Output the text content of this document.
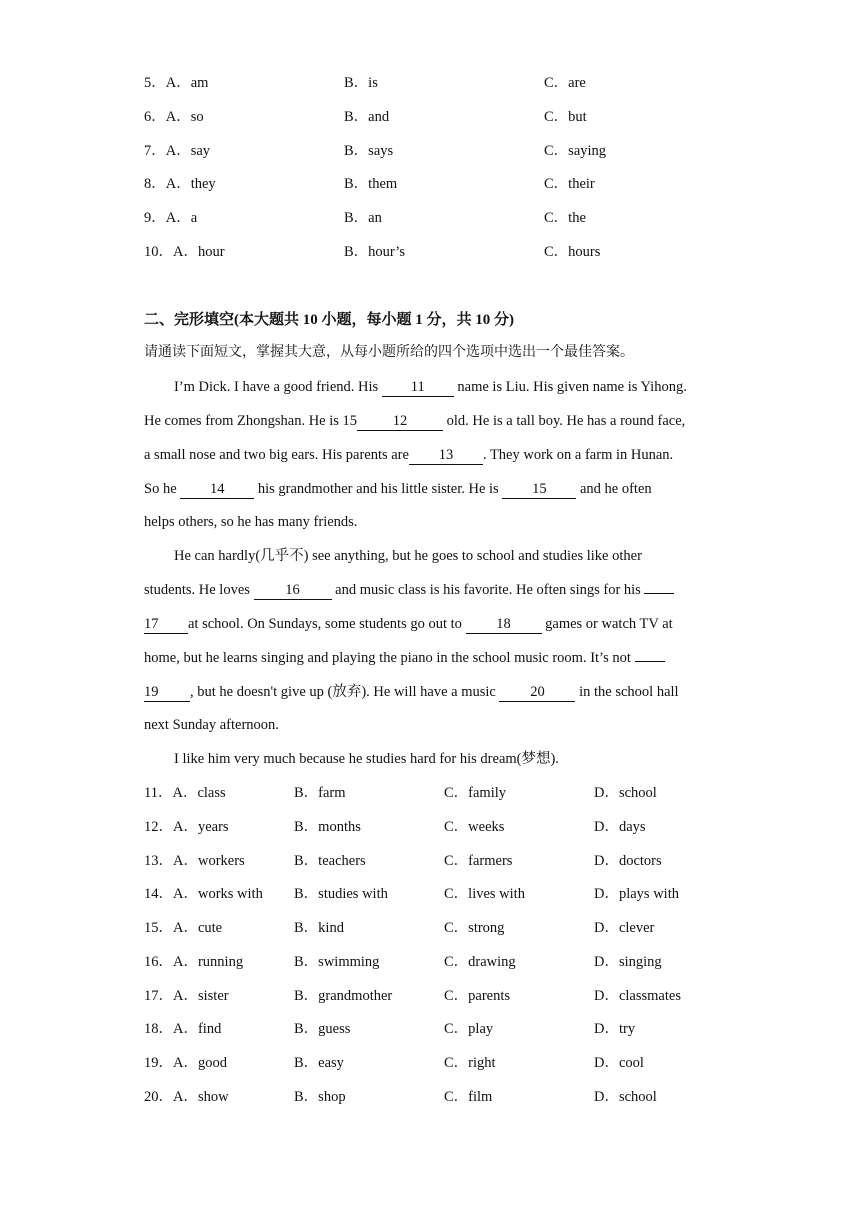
5．A．am	B．is	C．are
6．A．so	B．and	C．but
7．A．say	B．says	C．saying
8．A．they	B．them	C．their
9．A．a	B．an	C．the
10．A．hour	B．hour’s	C．hours
二、完形填空(本大题共 10 小题，每小题 1 分，共 10 分)
请通读下面短文，掌握其大意，从每小题所给的四个选项中选出一个最佳答案。
I’m Dick. I have a good friend. His 11 name is Liu. His given name is Yihong.
He comes from Zhongshan. He is 15 12 old. He is a tall boy. He has a round face,
a small nose and two big ears. His parents are 13 . They work on a farm in Hunan.
So he 14 his grandmother and his little sister. He is 15 and he often
helps others, so he has many friends.
He can hardly(几乎不) see anything, but he goes to school and studies like other
students. He loves 16 and music class is his favorite. He often sings for his
17 at school. On Sundays, some students go out to 18 games or watch TV at
home, but he learns singing and playing the piano in the school music room. It’s not
19 , but he doesn't give up (放弃). He will have a music 20 in the school hall
next Sunday afternoon.
I like him very much because he studies hard for his dream(梦想).
11．A．class	B．farm	C．family	D．school
12．A．years	B．months	C．weeks	D．days
13．A．workers	B．teachers	C．farmers	D．doctors
14．A．works with B．studies with	C．lives with	D．plays with
15．A．cute	B．kind	C．strong	D．clever
16．A．running	B．swimming	C．drawing	D．singing
17．A．sister	B．grandmother	C．parents	D．classmates
18．A．find	B．guess	C．play	D．try
19．A．good	B．easy	C．right	D．cool
20．A．show	B．shop	C．film	D．school
